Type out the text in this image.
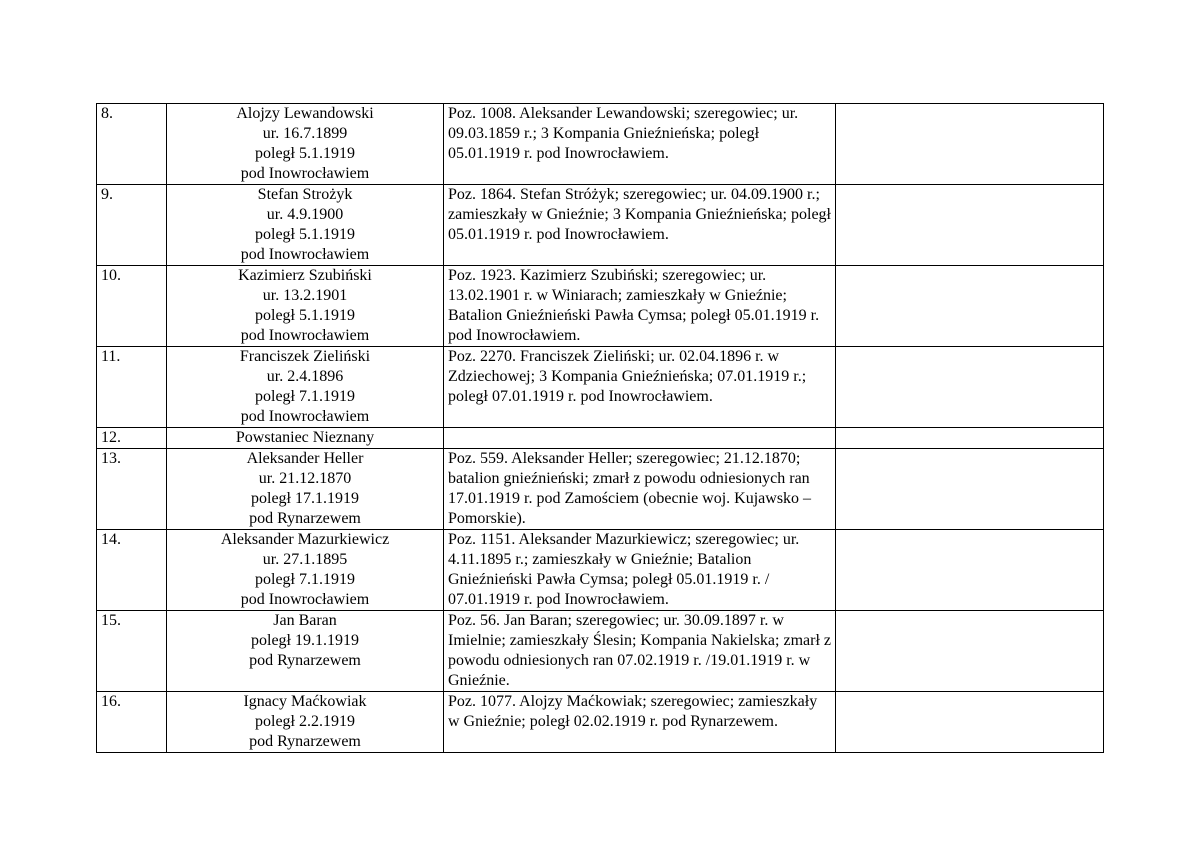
8.	Alojzy Lewandowski
ur. 16.7.1899
poległ 5.1.1919
pod Inowrocławiem	Poz. 1008. Aleksander Lewandowski; szeregowiec; ur. 09.03.1859 r.; 3 Kompania Gnieźnieńska; poległ 05.01.1919 r. pod Inowrocławiem.	
9.	Stefan Strożyk
ur. 4.9.1900
poległ 5.1.1919
pod Inowrocławiem	Poz. 1864. Stefan Stróżyk; szeregowiec; ur. 04.09.1900 r.; zamieszkały w Gnieźnie; 3 Kompania Gnieźnieńska; poległ 05.01.1919 r. pod Inowrocławiem.	
10.	Kazimierz Szubiński
ur. 13.2.1901
poległ 5.1.1919
pod Inowrocławiem	Poz. 1923. Kazimierz Szubiński; szeregowiec; ur. 13.02.1901 r. w Winiarach; zamieszkały w Gnieźnie; Batalion Gnieźnieński Pawła Cymsa; poległ 05.01.1919 r. pod Inowrocławiem.	
11.	Franciszek Zieliński
ur. 2.4.1896
poległ 7.1.1919
pod Inowrocławiem	Poz. 2270. Franciszek Zieliński; ur. 02.04.1896 r. w Zdziechowej; 3 Kompania Gnieźnieńska; 07.01.1919 r.; poległ 07.01.1919 r. pod Inowrocławiem.	
12.	Powstaniec Nieznany		

13.	Aleksander Heller
ur. 21.12.1870
poległ 17.1.1919
pod Rynarzewem	Poz. 559. Aleksander Heller; szeregowiec; 21.12.1870; batalion gnieźnieński; zmarł z powodu odniesionych ran 17.01.1919 r. pod Zamościem (obecnie woj. Kujawsko – Pomorskie).	
14.	Aleksander Mazurkiewicz
ur. 27.1.1895
poległ 7.1.1919
pod Inowrocławiem	Poz. 1151. Aleksander Mazurkiewicz; szeregowiec; ur. 4.11.1895 r.; zamieszkały w Gnieźnie; Batalion Gnieźnieński Pawła Cymsa; poległ 05.01.1919 r. / 07.01.1919 r. pod Inowrocławiem.	
15.	Jan Baran
poległ 19.1.1919
pod Rynarzewem	Poz. 56. Jan Baran; szeregowiec; ur. 30.09.1897 r. w Imielnie; zamieszkały Ślesin; Kompania Nakielska; zmarł z powodu odniesionych ran 07.02.1919 r. /19.01.1919 r. w Gnieźnie.	
16.	Ignacy Maćkowiak
poległ 2.2.1919
pod Rynarzewem	Poz. 1077. Alojzy Maćkowiak; szeregowiec; zamieszkały w Gnieźnie; poległ 02.02.1919 r. pod Rynarzewem.	
